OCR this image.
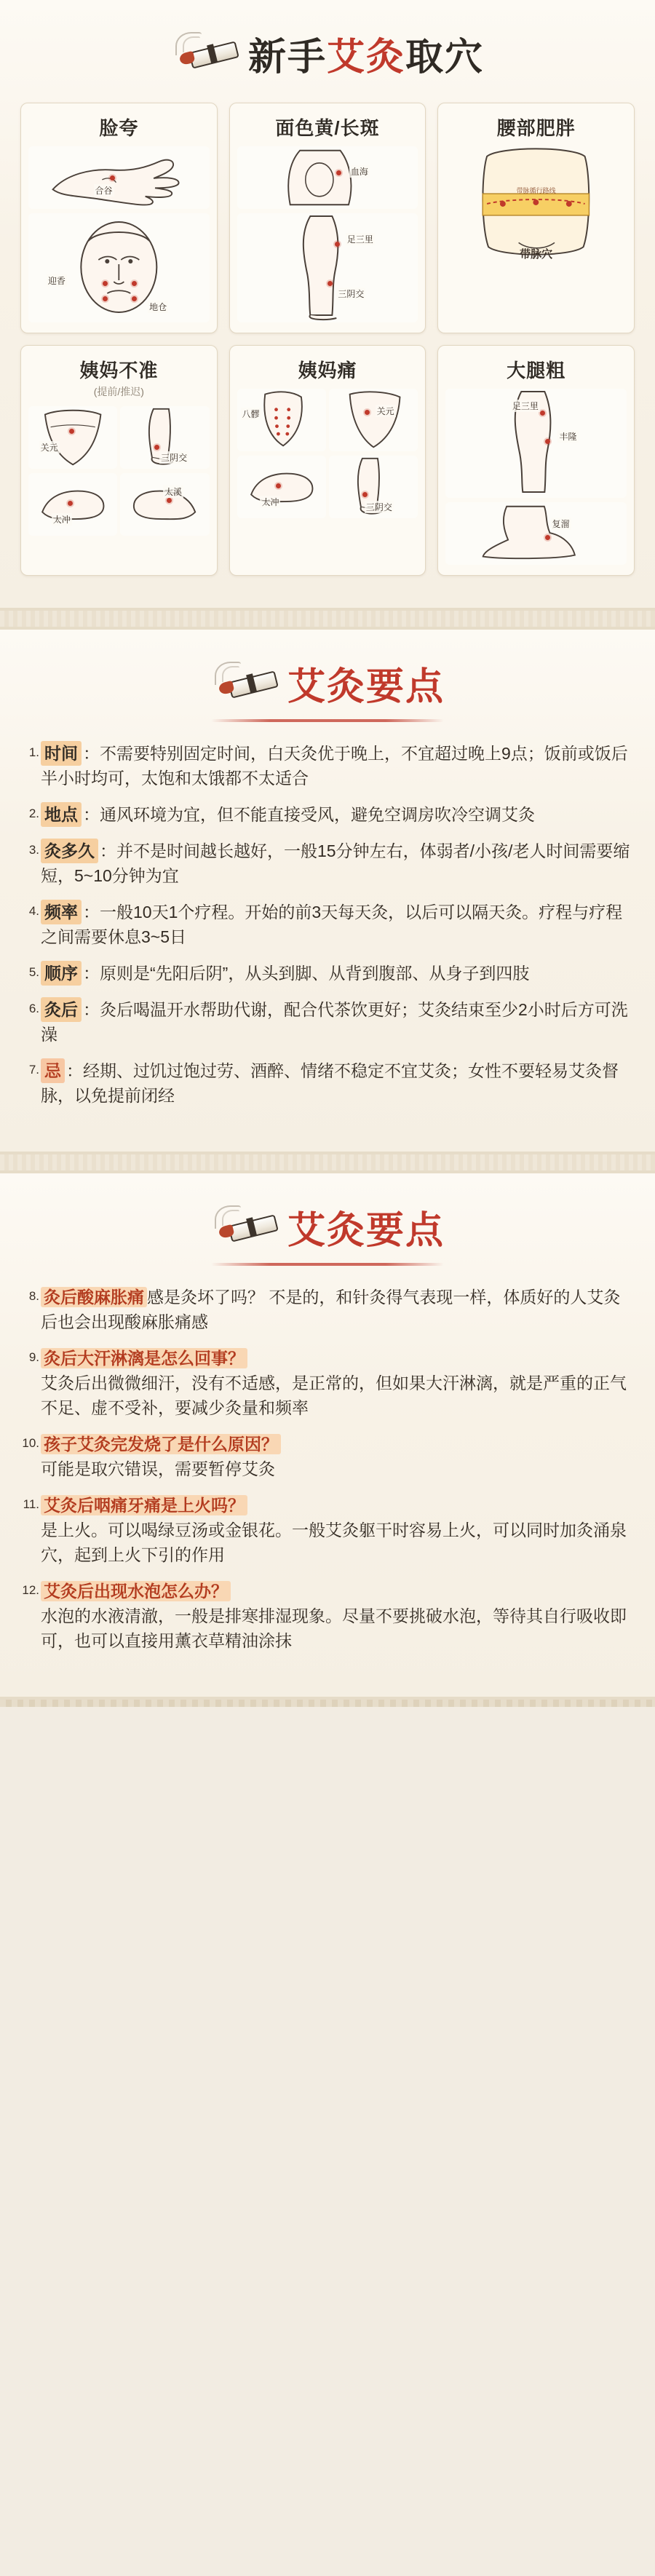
新手艾灸取穴
脸夸
合谷
迎香
地仓
面色黄/长斑
血海
足三里
三阴交
腰部肥胖
带脉循行路线
带脉穴
姨妈不准
(提前/推迟)
关元
三阴交
太冲
太溪
姨妈痛
八髎	关元
太冲	三阴交
大腿粗
足三里
丰隆
复溜
艾灸要点
1. 时间 ：不需要特别固定时间，白天灸优于晚上，不宜超过晚上9点；饭前或饭后半小时均可，太饱和太饿都不太适合
2. 地点 ：通风环境为宜，但不能直接受风，避免空调房吹冷空调艾灸
3. 灸多久 ：并不是时间越长越好，一般15分钟左右，体弱者/小孩/老人时间需要缩短，5~10分钟为宜
4. 频率 ：一般10天1个疗程。开始的前3天每天灸，以后可以隔天灸。疗程与疗程之间需要休息3~5日
5. 顺序 ：原则是“先阳后阴”，从头到脚、从背到腹部、从身子到四肢
6. 灸后 ：灸后喝温开水帮助代谢，配合代茶饮更好；艾灸结束至少2小时后方可洗澡
7. 忌 ：经期、过饥过饱过劳、酒醉、情绪不稳定不宜艾灸；女性不要轻易艾灸督脉，以免提前闭经
艾灸要点
8. 灸后酸麻胀痛 感是灸坏了吗？ 不是的，和针灸得气表现一样，体质好的人艾灸后也会出现酸麻胀痛感
9. 灸后大汗淋漓是怎么回事？
艾灸后出微微细汗，没有不适感，是正常的，但如果大汗淋漓，就是严重的正气不足、虚不受补，要减少灸量和频率
10. 孩子艾灸完发烧了是什么原因？
可能是取穴错误，需要暂停艾灸
11. 艾灸后咽痛牙痛是上火吗？
是上火。可以喝绿豆汤或金银花。一般艾灸躯干时容易上火，可以同时加灸涌泉穴，起到上火下引的作用
12. 艾灸后出现水泡怎么办？
水泡的水液清澈，一般是排寒排湿现象。尽量不要挑破水泡，等待其自行吸收即可，也可以直接用薰衣草精油涂抹
